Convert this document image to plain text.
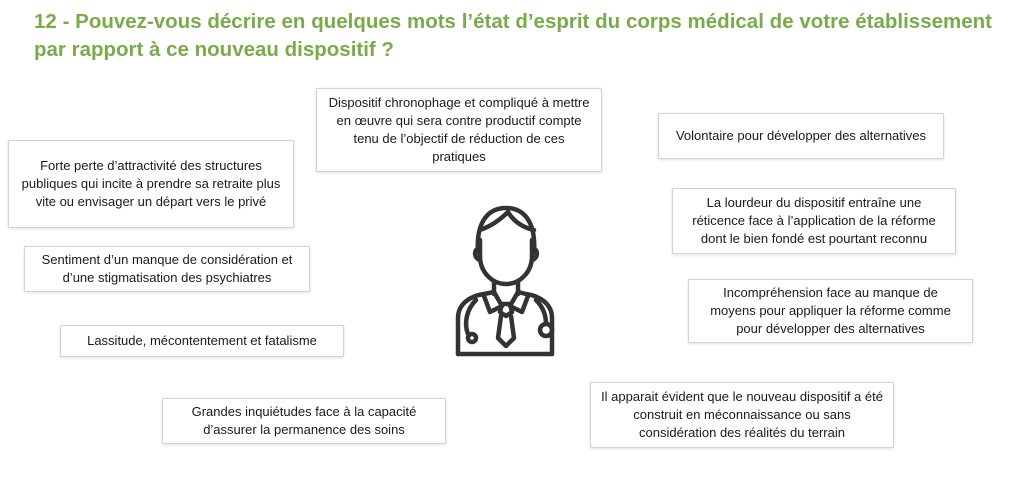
12 - Pouvez-vous décrire en quelques mots l’état d’esprit du corps médical de votre établissement par rapport à ce nouveau dispositif ?
Dispositif chronophage et compliqué à mettre en œuvre qui sera contre productif compte tenu de l’objectif de réduction de ces pratiques
Volontaire pour développer des alternatives
Forte perte d’attractivité des structures publiques qui incite à prendre sa retraite plus vite ou envisager un départ vers le privé	La lourdeur du dispositif entraîne une réticence face à l’application de la réforme dont le bien fondé est pourtant reconnu
Sentiment d’un manque de considération et d’une stigmatisation des psychiatres
Incompréhension face au manque de moyens pour appliquer la réforme comme pour développer des alternatives
Lassitude, mécontentement et fatalisme
Il apparait évident que le nouveau dispositif a été construit en méconnaissance ou sans considération des réalités du terrain
Grandes inquiétudes face à la capacité d’assurer la permanence des soins
